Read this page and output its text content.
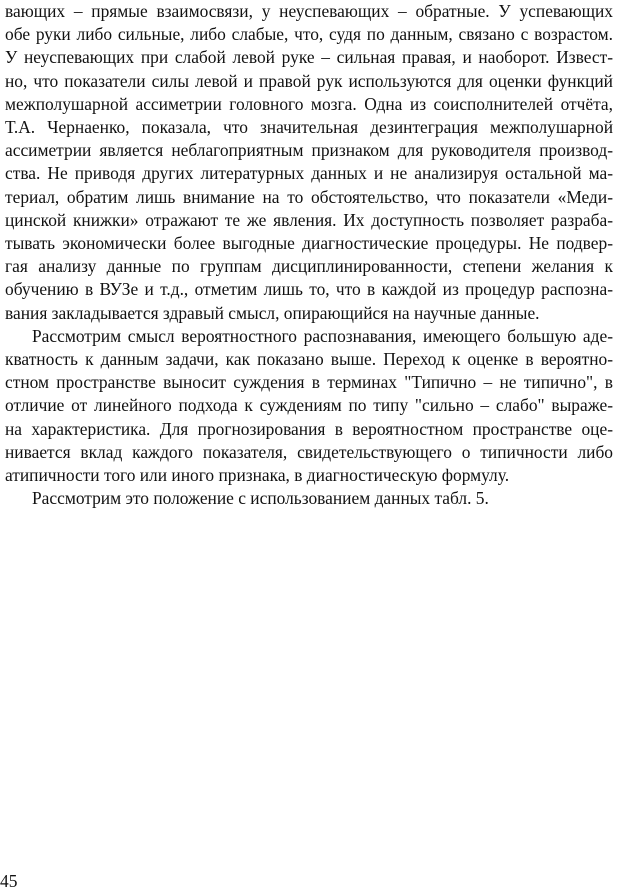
вающих – прямые взаимосвязи, у неуспевающих – обратные. У успевающих
обе руки либо сильные, либо слабые, что, судя по данным, связано с возрастом.
У неуспевающих при слабой левой руке – сильная правая, и наоборот. Извест-
но, что показатели силы левой и правой рук используются для оценки функций
межполушарной ассиметрии головного мозга. Одна из соисполнителей отчёта,
Т.А. Чернаенко, показала, что значительная дезинтеграция межполушарной
ассиметрии является неблагоприятным признаком для руководителя производ-
ства. Не приводя других литературных данных и не анализируя остальной ма-
териал, обратим лишь внимание на то обстоятельство, что показатели «Меди-
цинской книжки» отражают те же явления. Их доступность позволяет разраба-
тывать экономически более выгодные диагностические процедуры. Не подвер-
гая анализу данные по группам дисциплинированности, степени желания к
обучению в ВУЗе и т.д., отметим лишь то, что в каждой из процедур распозна-
вания закладывается здравый смысл, опирающийся на научные данные.
Рассмотрим смысл вероятностного распознавания, имеющего большую аде-
кватность к данным задачи, как показано выше. Переход к оценке в вероятно-
стном пространстве выносит суждения в терминах "Типично – не типично", в
отличие от линейного подхода к суждениям по типу "сильно – слабо" выраже-
на характеристика. Для прогнозирования в вероятностном пространстве оце-
нивается вклад каждого показателя, свидетельствующего о типичности либо
атипичности того или иного признака, в диагностическую формулу.
Рассмотрим это положение с использованием данных табл. 5.
45
